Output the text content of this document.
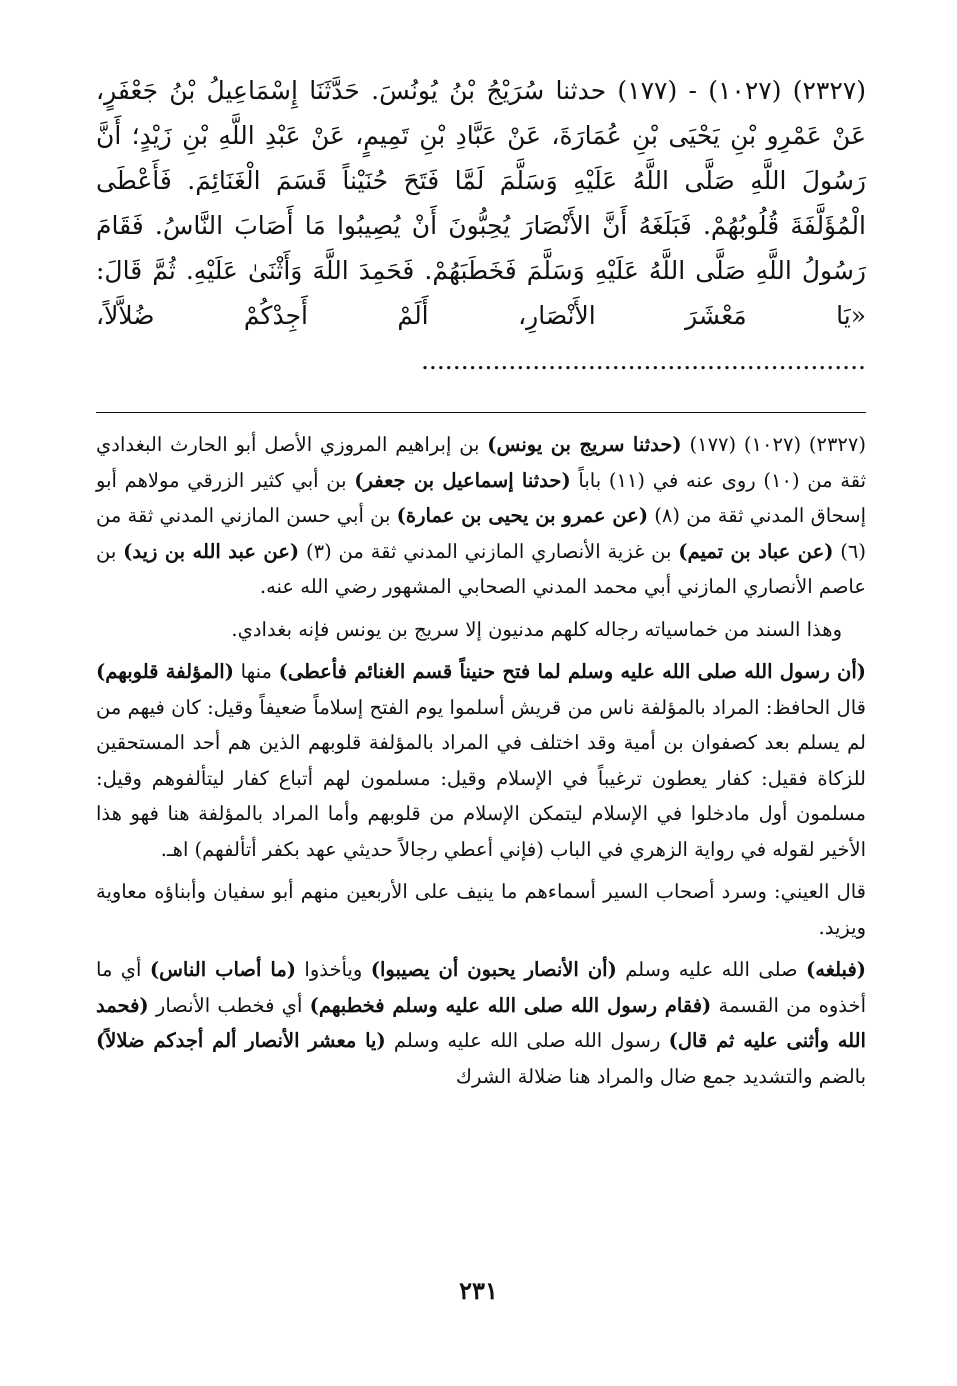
(٢٣٢٧) (١٠٢٧) - (١٧٧) حدثنا سُرَيْجُ بْنُ يُونُسَ. حَدَّثَنَا إِسْمَاعِيلُ بْنُ جَعْفَرٍ، عَنْ عَمْرِو بْنِ يَحْيَى بْنِ عُمَارَةَ، عَنْ عَبَّادِ بْنِ تَمِيمٍ، عَنْ عَبْدِ اللَّهِ بْنِ زَيْدٍ؛ أَنَّ رَسُولَ اللَّهِ صَلَّى اللَّهُ عَلَيْهِ وَسَلَّمَ لَمَّا فَتَحَ حُنَيْناً قَسَمَ الْغَنَائِمَ. فَأَعْطَى الْمُؤَلَّفَةَ قُلُوبُهُمْ. فَبَلَغَهُ أَنَّ الأَنْصَارَ يُحِبُّونَ أَنْ يُصِيبُوا مَا أَصَابَ النَّاسُ. فَقَامَ رَسُولُ اللَّهِ صَلَّى اللَّهُ عَلَيْهِ وَسَلَّمَ فَخَطَبَهُمْ. فَحَمِدَ اللَّهَ وَأَثْنَىٰ عَلَيْهِ. ثُمَّ قَالَ: «يَا مَعْشَرَ الأَنْصَارِ، أَلَمْ أَجِدْكُمْ ضُلاَّلاً، ........................................................

(٢٣٢٧) (١٠٢٧) (١٧٧) (حدثنا سريج بن يونس) بن إبراهيم المروزي الأصل أبو الحارث البغدادي ثقة من (١٠) روى عنه في (١١) باباً (حدثنا إسماعيل بن جعفر) بن أبي كثير الزرقي مولاهم أبو إسحاق المدني ثقة من (٨) (عن عمرو بن يحيى بن عمارة) بن أبي حسن المازني المدني ثقة من (٦) (عن عباد بن تميم) بن غزية الأنصاري المازني المدني ثقة من (٣) (عن عبد الله بن زيد) بن عاصم الأنصاري المازني أبي محمد المدني الصحابي المشهور رضي الله عنه.

وهذا السند من خماسياته رجاله كلهم مدنيون إلا سريج بن يونس فإنه بغدادي.

(أن رسول الله صلى الله عليه وسلم لما فتح حنيناً قسم الغنائم فأعطى) منها (المؤلفة قلوبهم) قال الحافظ: المراد بالمؤلفة ناس من قريش أسلموا يوم الفتح إسلاماً ضعيفاً وقيل: كان فيهم من لم يسلم بعد كصفوان بن أمية وقد اختلف في المراد بالمؤلفة قلوبهم الذين هم أحد المستحقين للزكاة فقيل: كفار يعطون ترغيباً في الإسلام وقيل: مسلمون لهم أتباع كفار ليتألفوهم وقيل: مسلمون أول مادخلوا في الإسلام ليتمكن الإسلام من قلوبهم وأما المراد بالمؤلفة هنا فهو هذا الأخير لقوله في رواية الزهري في الباب (فإني أعطي رجالاً حديثي عهد بكفر أتألفهم) اهـ.

قال العيني: وسرد أصحاب السير أسماءهم ما ينيف على الأربعين منهم أبو سفيان وأبناؤه معاوية ويزيد.

(فبلغه) صلى الله عليه وسلم (أن الأنصار يحبون أن يصيبوا) ويأخذوا (ما أصاب الناس) أي ما أخذوه من القسمة (فقام رسول الله صلى الله عليه وسلم فخطبهم) أي فخطب الأنصار (فحمد الله وأثنى عليه ثم قال) رسول الله صلى الله عليه وسلم (يا معشر الأنصار ألم أجدكم ضلالاً) بالضم والتشديد جمع ضال والمراد هنا ضلالة الشرك

٢٣١
